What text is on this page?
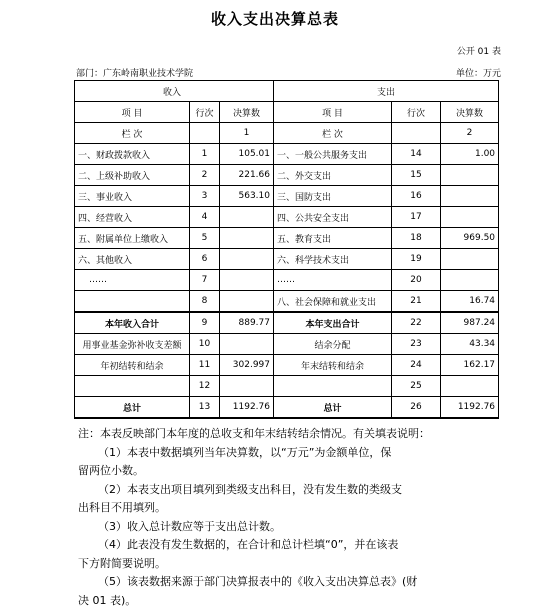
收入支出决算总表
公开 01 表
部门：广东岭南职业技术学院	单位：万元
收入			支出		
项 目	行次	决算数	项 目	行次	决算数
栏 次		1	栏 次		2
一、财政拨款收入	1	105.01	一、一般公共服务支出	14	1.00
二、上级补助收入	2	221.66	二、外交支出	15	
三、事业收入	3	563.10	三、国防支出	16	
四、经营收入	4		四、公共安全支出	17	
五、附属单位上缴收入	5		五、教育支出	18	969.50
六、其他收入	6		六、科学技术支出	19	
……	7		……	20	
	8		八、社会保障和就业支出	21	16.74
本年收入合计	9	889.77	本年支出合计	22	987.24
用事业基金弥补收支差额	10		结余分配	23	43.34
年初结转和结余	11	302.997	年末结转和结余	24	162.17
	12			25	
总计	13	1192.76	总计	26	1192.76
注：本表反映部门本年度的总收支和年末结转结余情况。有关填表说明：
（1）本表中数据填列当年决算数，以“万元”为金额单位，保
留两位小数。
（2）本表支出项目填列到类级支出科目，没有发生数的类级支
出科目不用填列。
（3）收入总计数应等于支出总计数。
（4）此表没有发生数据的，在合计和总计栏填“0”，并在该表
下方附简要说明。
（5）该表数据来源于部门决算报表中的《收入支出决算总表》(财
决 01 表)。
